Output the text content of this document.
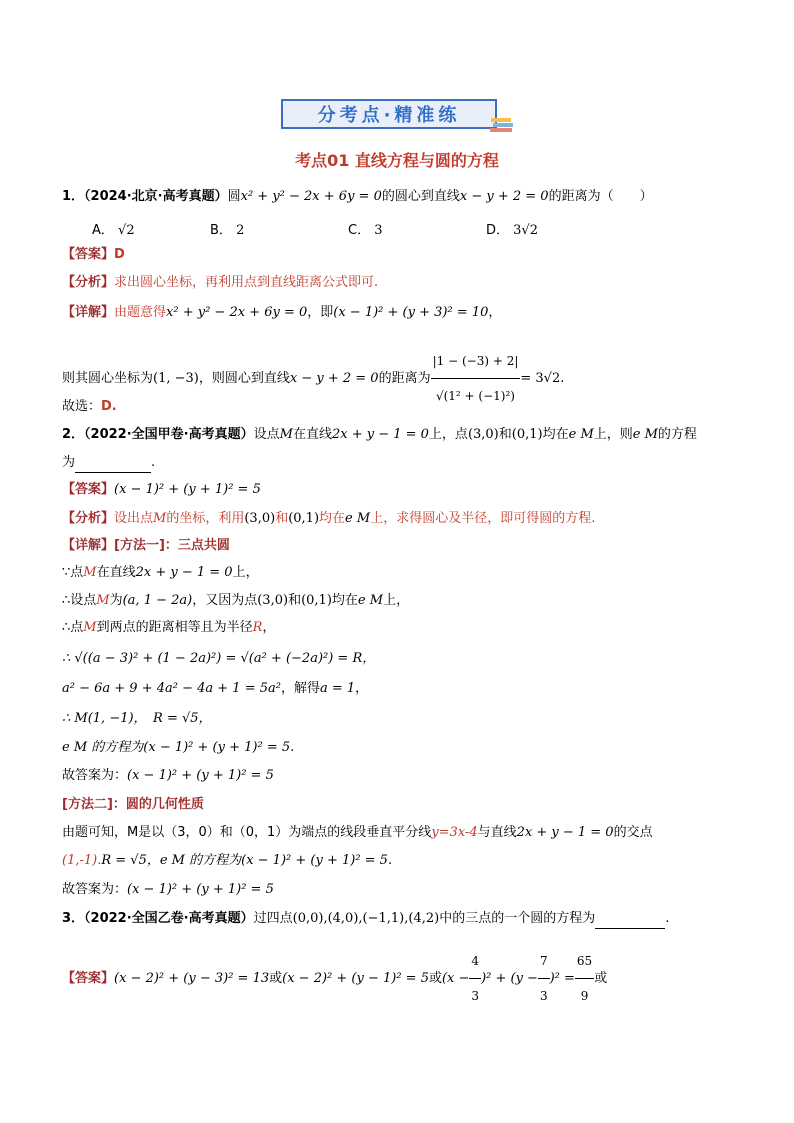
分考点·精准练
考点01 直线方程与圆的方程
1．（2024·北京·高考真题）圆x² + y² − 2x + 6y = 0的圆心到直线x − y + 2 = 0的距离为（　　）
A． √2	B． 2	C． 3	D． 3√2
【答案】D
【分析】求出圆心坐标，再利用点到直线距离公式即可.
【详解】由题意得x² + y² − 2x + 6y = 0，即(x − 1)² + (y + 3)² = 10，
则其圆心坐标为(1, −3)，则圆心到直线x − y + 2 = 0的距离为 $\frac{|1 - (-3) + 2|}{\text{√(1² + (−1)²)}} = 3√2$.
故选：D.
2．（2022·全国甲卷·高考真题）设点M在直线2x + y − 1 = 0上，点(3,0)和(0,1)均在e M上，则e M的方程
为	.
【答案】(x − 1)² + (y + 1)² = 5
【分析】设出点M的坐标，利用(3,0)和(0,1)均在e M上，求得圆心及半径，即可得圆的方程.
【详解】[方法一]：三点共圆
∵点M在直线2x + y − 1 = 0上，
∴设点M为(a, 1 − 2a)，又因为点(3,0)和(0,1)均在e M上，
∴点M到两点的距离相等且为半径R，
∴ √((a − 3)² + (1 − 2a)²) = √(a² + (−2a)²) = R，
a² − 6a + 9 + 4a² − 4a + 1 = 5a²，解得a = 1，
∴ M(1, −1)，　R = √5，
e M 的方程为(x − 1)² + (y + 1)² = 5.
故答案为：(x − 1)² + (y + 1)² = 5
[方法二]：圆的几何性质
由题可知，M是以（3，0）和（0，1）为端点的线段垂直平分线y=3x-4与直线2x + y − 1 = 0的交点
(1,-1).R = √5，e M 的方程为(x − 1)² + (y + 1)² = 5.
故答案为：(x − 1)² + (y + 1)² = 5
3．（2022·全国乙卷·高考真题）过四点(0,0),(4,0),(−1,1),(4,2)中的三点的一个圆的方程为	.
【答案】(x − 2)² + (y − 3)² = 13或(x − 2)² + (y − 1)² = 5或$(x - \frac{4}{3} )^2 + (y - \frac{7}{3} )^2 = \frac{65}{9}$ 或
